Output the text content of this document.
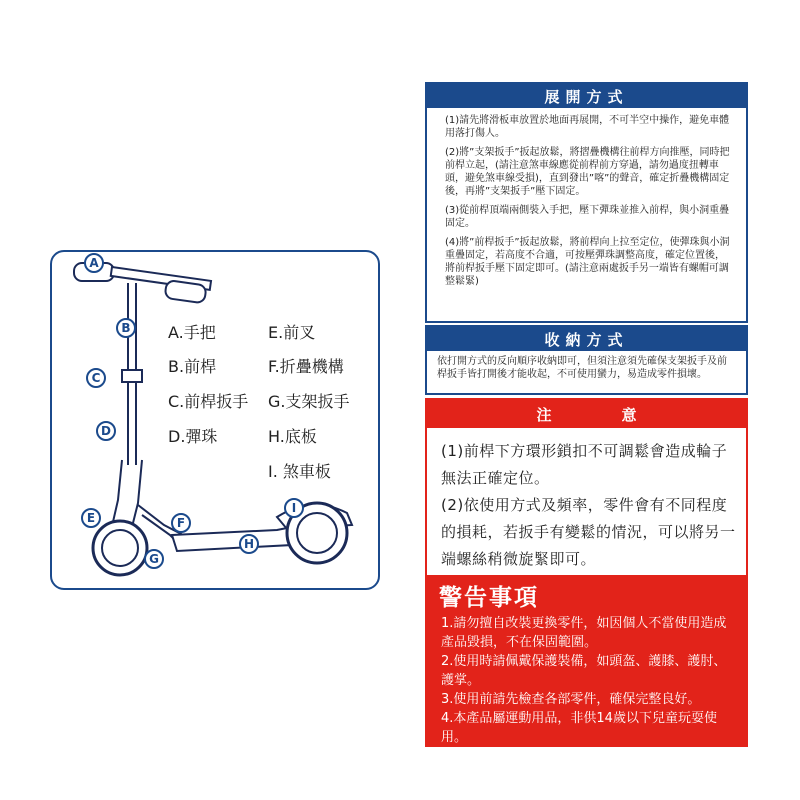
A
B
C
D
E	F
G
H
I
A.手把	E.前叉
B.前桿	F.折疊機構
C.前桿扳手 G.支架扳手
D.彈珠	H.底板
I. 煞車板
展開方式
(1)請先將滑板車放置於地面再展開，不可半空中操作，避免車體用落打傷人。
(2)將”支架扳手”扳起放鬆，將摺疊機構往前桿方向推壓，同時把前桿立起，(請注意煞車線應從前桿前方穿過，請勿過度扭轉車頭，避免煞車線受損)，直到發出”喀”的聲音，確定折疊機構固定後，再將”支架扳手”壓下固定。
(3)從前桿頂端兩側裝入手把，壓下彈珠並推入前桿，與小洞重疊固定。
(4)將”前桿扳手”扳起放鬆，將前桿向上拉至定位，使彈珠與小洞重疊固定，若高度不合適，可按壓彈珠調整高度，確定位置後，將前桿扳手壓下固定即可。(請注意兩處扳手另一端皆有螺帽可調整鬆緊)
收納方式
依打開方式的反向順序收納即可，但須注意須先確保支架扳手及前桿扳手皆打開後才能收起，不可使用蠻力，易造成零件損壞。
注意
(1)前桿下方環形鎖扣不可調鬆會造成輪子無法正確定位。
(2)依使用方式及頻率，零件會有不同程度的損耗，若扳手有變鬆的情況，可以將另一端螺絲稍微旋緊即可。
警告事項
1.請勿擅自改裝更換零件，如因個人不當使用造成產品毀損，不在保固範圍。
2.使用時請佩戴保護裝備，如頭盔、護膝、護肘、護掌。
3.使用前請先檢查各部零件，確保完整良好。
4.本產品屬運動用品，非供14歲以下兒童玩耍使用。
